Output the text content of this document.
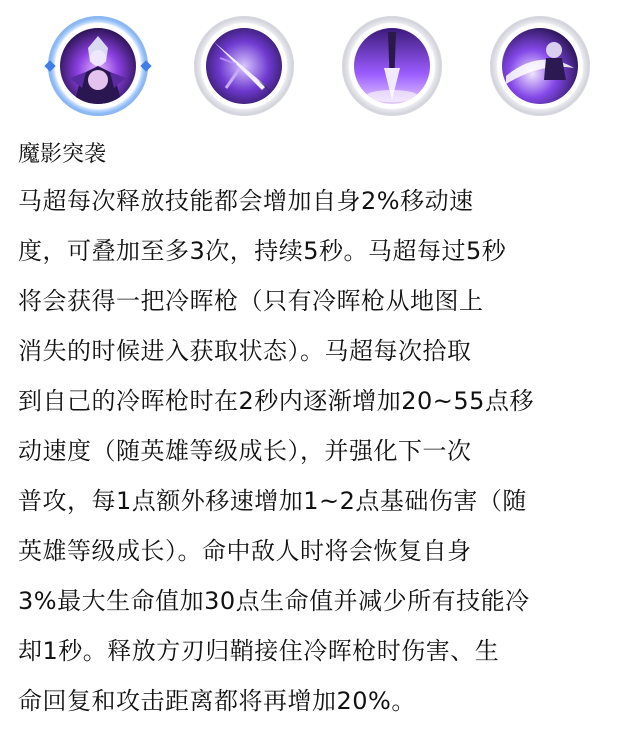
魔影突袭

马超每次释放技能都会增加自身2%移动速
度，可叠加至多3次，持续5秒。马超每过5秒
将会获得一把冷晖枪（只有冷晖枪从地图上
消失的时候进入获取状态）。马超每次拾取
到自己的冷晖枪时在2秒内逐渐增加20~55点移
动速度（随英雄等级成长），并强化下一次
普攻，每1点额外移速增加1~2点基础伤害（随
英雄等级成长）。命中敌人时将会恢复自身
3%最大生命值加30点生命值并减少所有技能冷
却1秒。释放方刃归鞘接住冷晖枪时伤害、生
命回复和攻击距离都将再增加20%。
